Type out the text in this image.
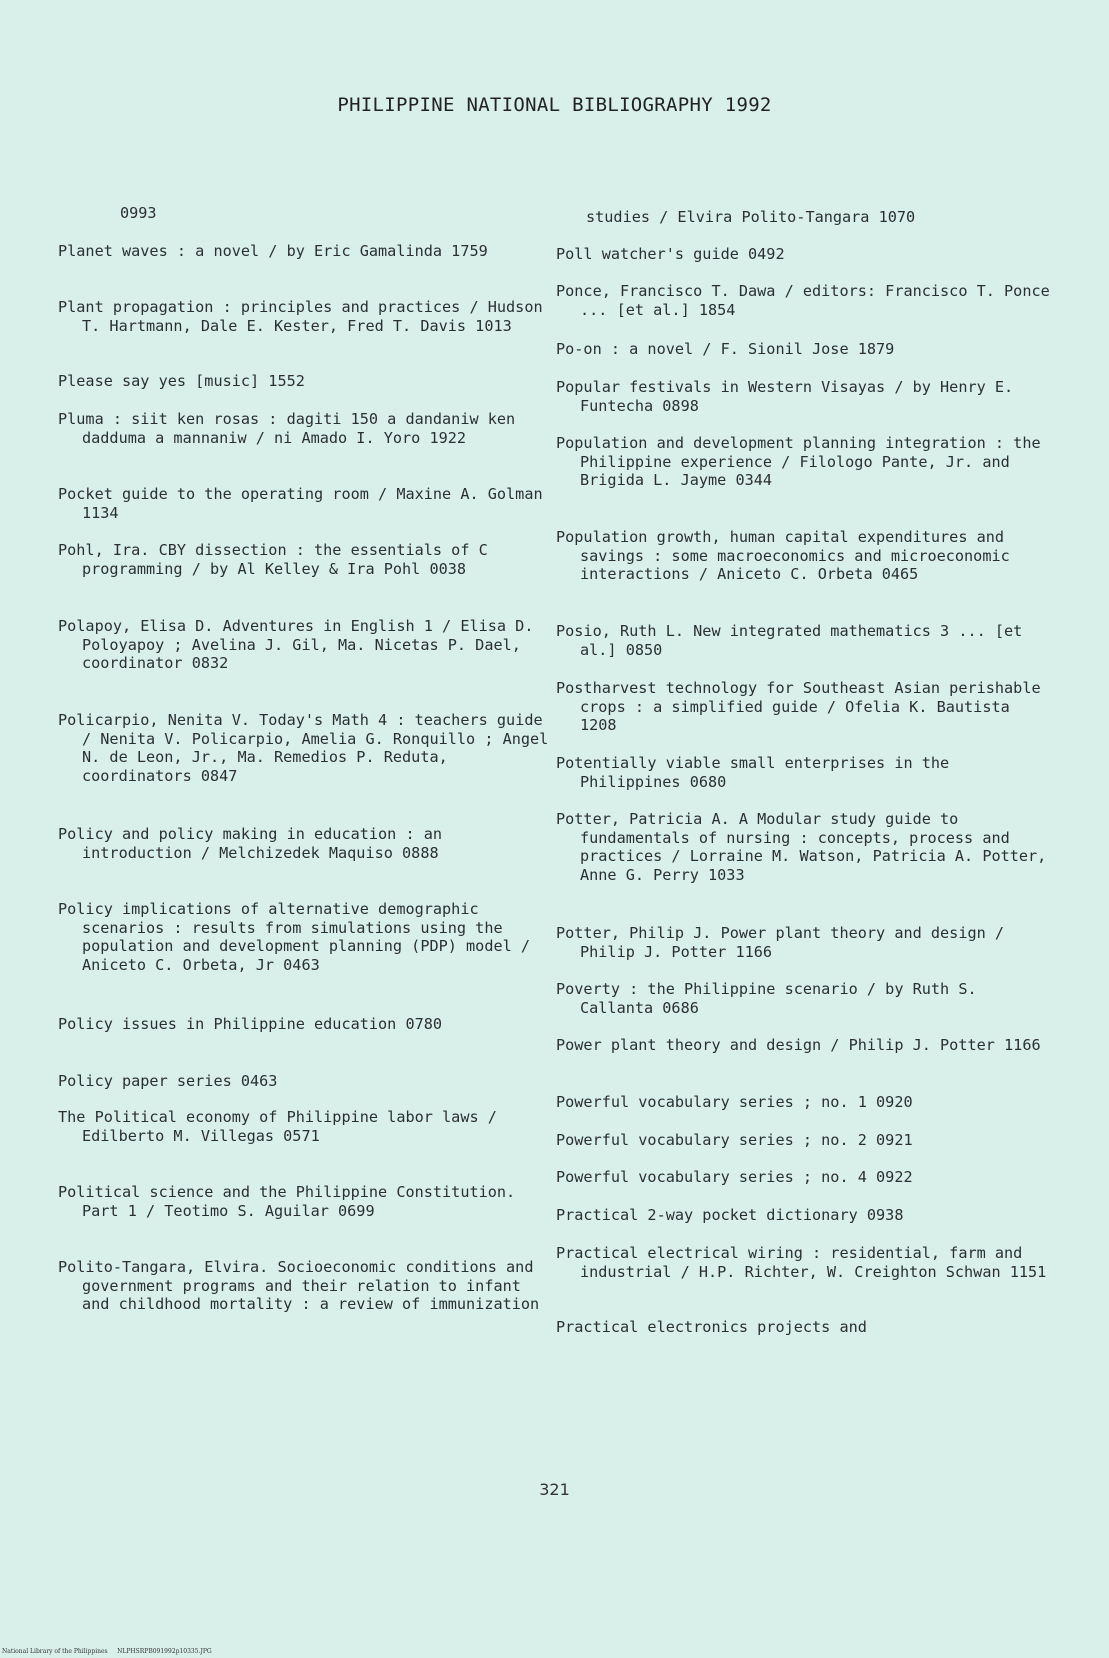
PHILIPPINE NATIONAL BIBLIOGRAPHY 1992

0993

Planet waves : a novel / by Eric Gamalinda 1759

Plant propagation : principles and practices / Hudson T. Hartmann, Dale E. Kester, Fred T. Davis 1013

Please say yes [music] 1552

Pluma : siit ken rosas : dagiti 150 a dandaniw ken dadduma a mannaniw / ni Amado I. Yoro 1922

Pocket guide to the operating room / Maxine A. Golman 1134

Pohl, Ira. CBY dissection : the essentials of C programming / by Al Kelley & Ira Pohl 0038

Polapoy, Elisa D. Adventures in English 1 / Elisa D. Poloyapoy ; Avelina J. Gil, Ma. Nicetas P. Dael, coordinator 0832

Policarpio, Nenita V. Today's Math 4 : teachers guide / Nenita V. Policarpio, Amelia G. Ronquillo ; Angel N. de Leon, Jr., Ma. Remedios P. Reduta, coordinators 0847

Policy and policy making in education : an introduction / Melchizedek Maquiso 0888

Policy implications of alternative demographic scenarios : results from simulations using the population and development planning (PDP) model / Aniceto C. Orbeta, Jr 0463

Policy issues in Philippine education 0780

Policy paper series 0463

The Political economy of Philippine labor laws / Edilberto M. Villegas 0571

Political science and the Philippine Constitution. Part 1 / Teotimo S. Aguilar 0699

Polito-Tangara, Elvira. Socioeconomic conditions and government programs and their relation to infant and childhood mortality : a review of immunization

studies / Elvira Polito-Tangara 1070

Poll watcher's guide 0492

Ponce, Francisco T. Dawa / editors: Francisco T. Ponce ... [et al.] 1854

Po-on : a novel / F. Sionil Jose 1879

Popular festivals in Western Visayas / by Henry E. Funtecha 0898

Population and development planning integration : the Philippine experience / Filologo Pante, Jr. and Brigida L. Jayme 0344

Population growth, human capital expenditures and savings : some macroeconomics and microeconomic interactions / Aniceto C. Orbeta 0465

Posio, Ruth L. New integrated mathematics 3 ... [et al.] 0850

Postharvest technology for Southeast Asian perishable crops : a simplified guide / Ofelia K. Bautista 1208

Potentially viable small enterprises in the Philippines 0680

Potter, Patricia A. A Modular study guide to fundamentals of nursing : concepts, process and practices / Lorraine M. Watson, Patricia A. Potter, Anne G. Perry 1033

Potter, Philip J. Power plant theory and design / Philip J. Potter 1166

Poverty : the Philippine scenario / by Ruth S. Callanta 0686

Power plant theory and design / Philip J. Potter 1166

Powerful vocabulary series ; no. 1 0920

Powerful vocabulary series ; no. 2 0921

Powerful vocabulary series ; no. 4 0922

Practical 2-way pocket dictionary 0938

Practical electrical wiring : residential, farm and industrial / H.P. Richter, W. Creighton Schwan 1151

Practical electronics projects and

321
National Library of the Philippines     NLPHSRPB091992p10335.JPG
